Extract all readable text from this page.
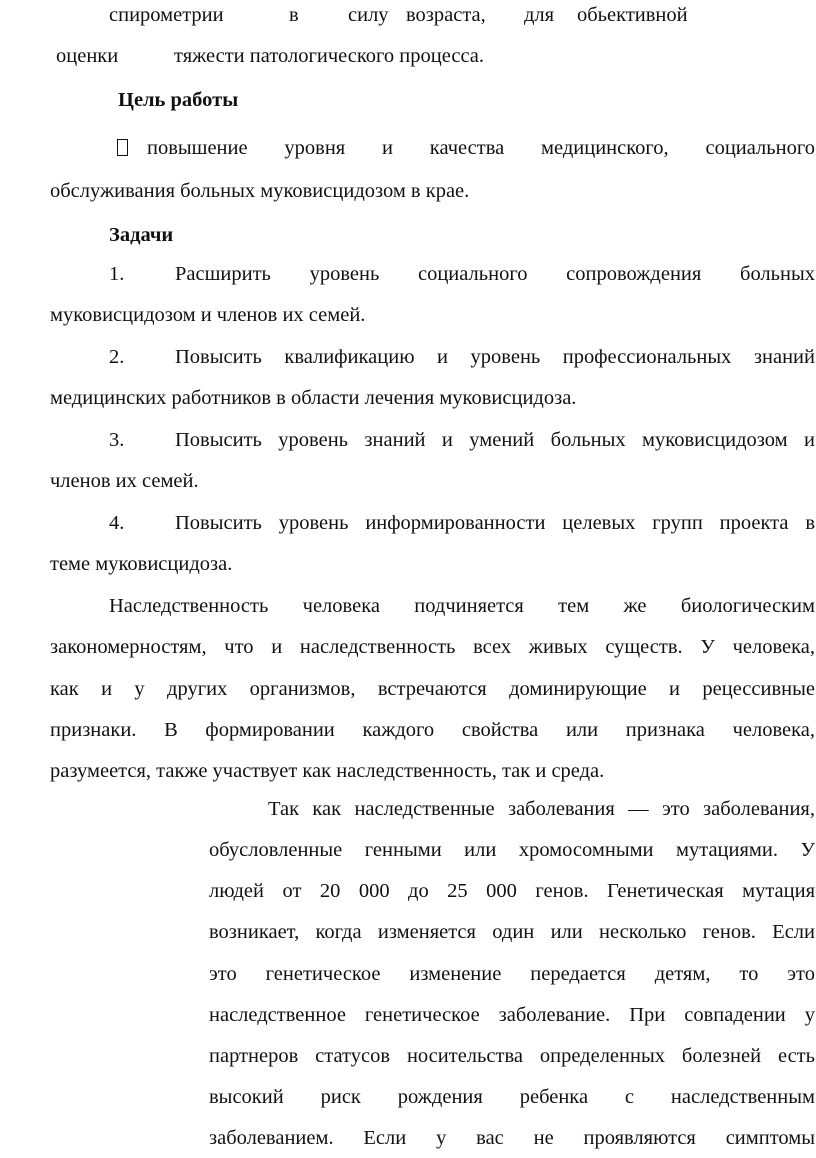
спирометрии	в силу возраста, для обьективной
оценки	тяжести патологического процесса.
Цель работы
повышение уровня и качества медицинского, социального
обслуживания больных муковисцидозом в крае.
Задачи
1. Расширить уровень социального сопровождения больных
муковисцидозом и членов их семей.
2. Повысить квалификацию и уровень профессиональных знаний
медицинских работников в области лечения муковисцидоза.
3. Повысить уровень знаний и умений больных муковисцидозом и
членов их семей.
4. Повысить уровень информированности целевых групп проекта в
теме муковисцидоза.
Наследственность человека подчиняется тем же биологическим
закономерностям, что и наследственность всех живых существ. У человека,
как и у других организмов, встречаются доминирующие и рецессивные
признаки. В формировании каждого свойства или признака человека,
разумеется, также участвует как наследственность, так и среда.
Так как наследственные заболевания — это заболевания,
обусловленные генными или хромосомными мутациями. У
людей от 20 000 до 25 000 генов. Генетическая мутация
возникает, когда изменяется один или несколько генов. Если
это генетическое изменение передается детям, то это
наследственное генетическое заболевание. При совпадении у
партнеров статусов носительства определенных болезней есть
высокий риск рождения ребенка с наследственным
заболеванием. Если у вас не проявляются симптомы
